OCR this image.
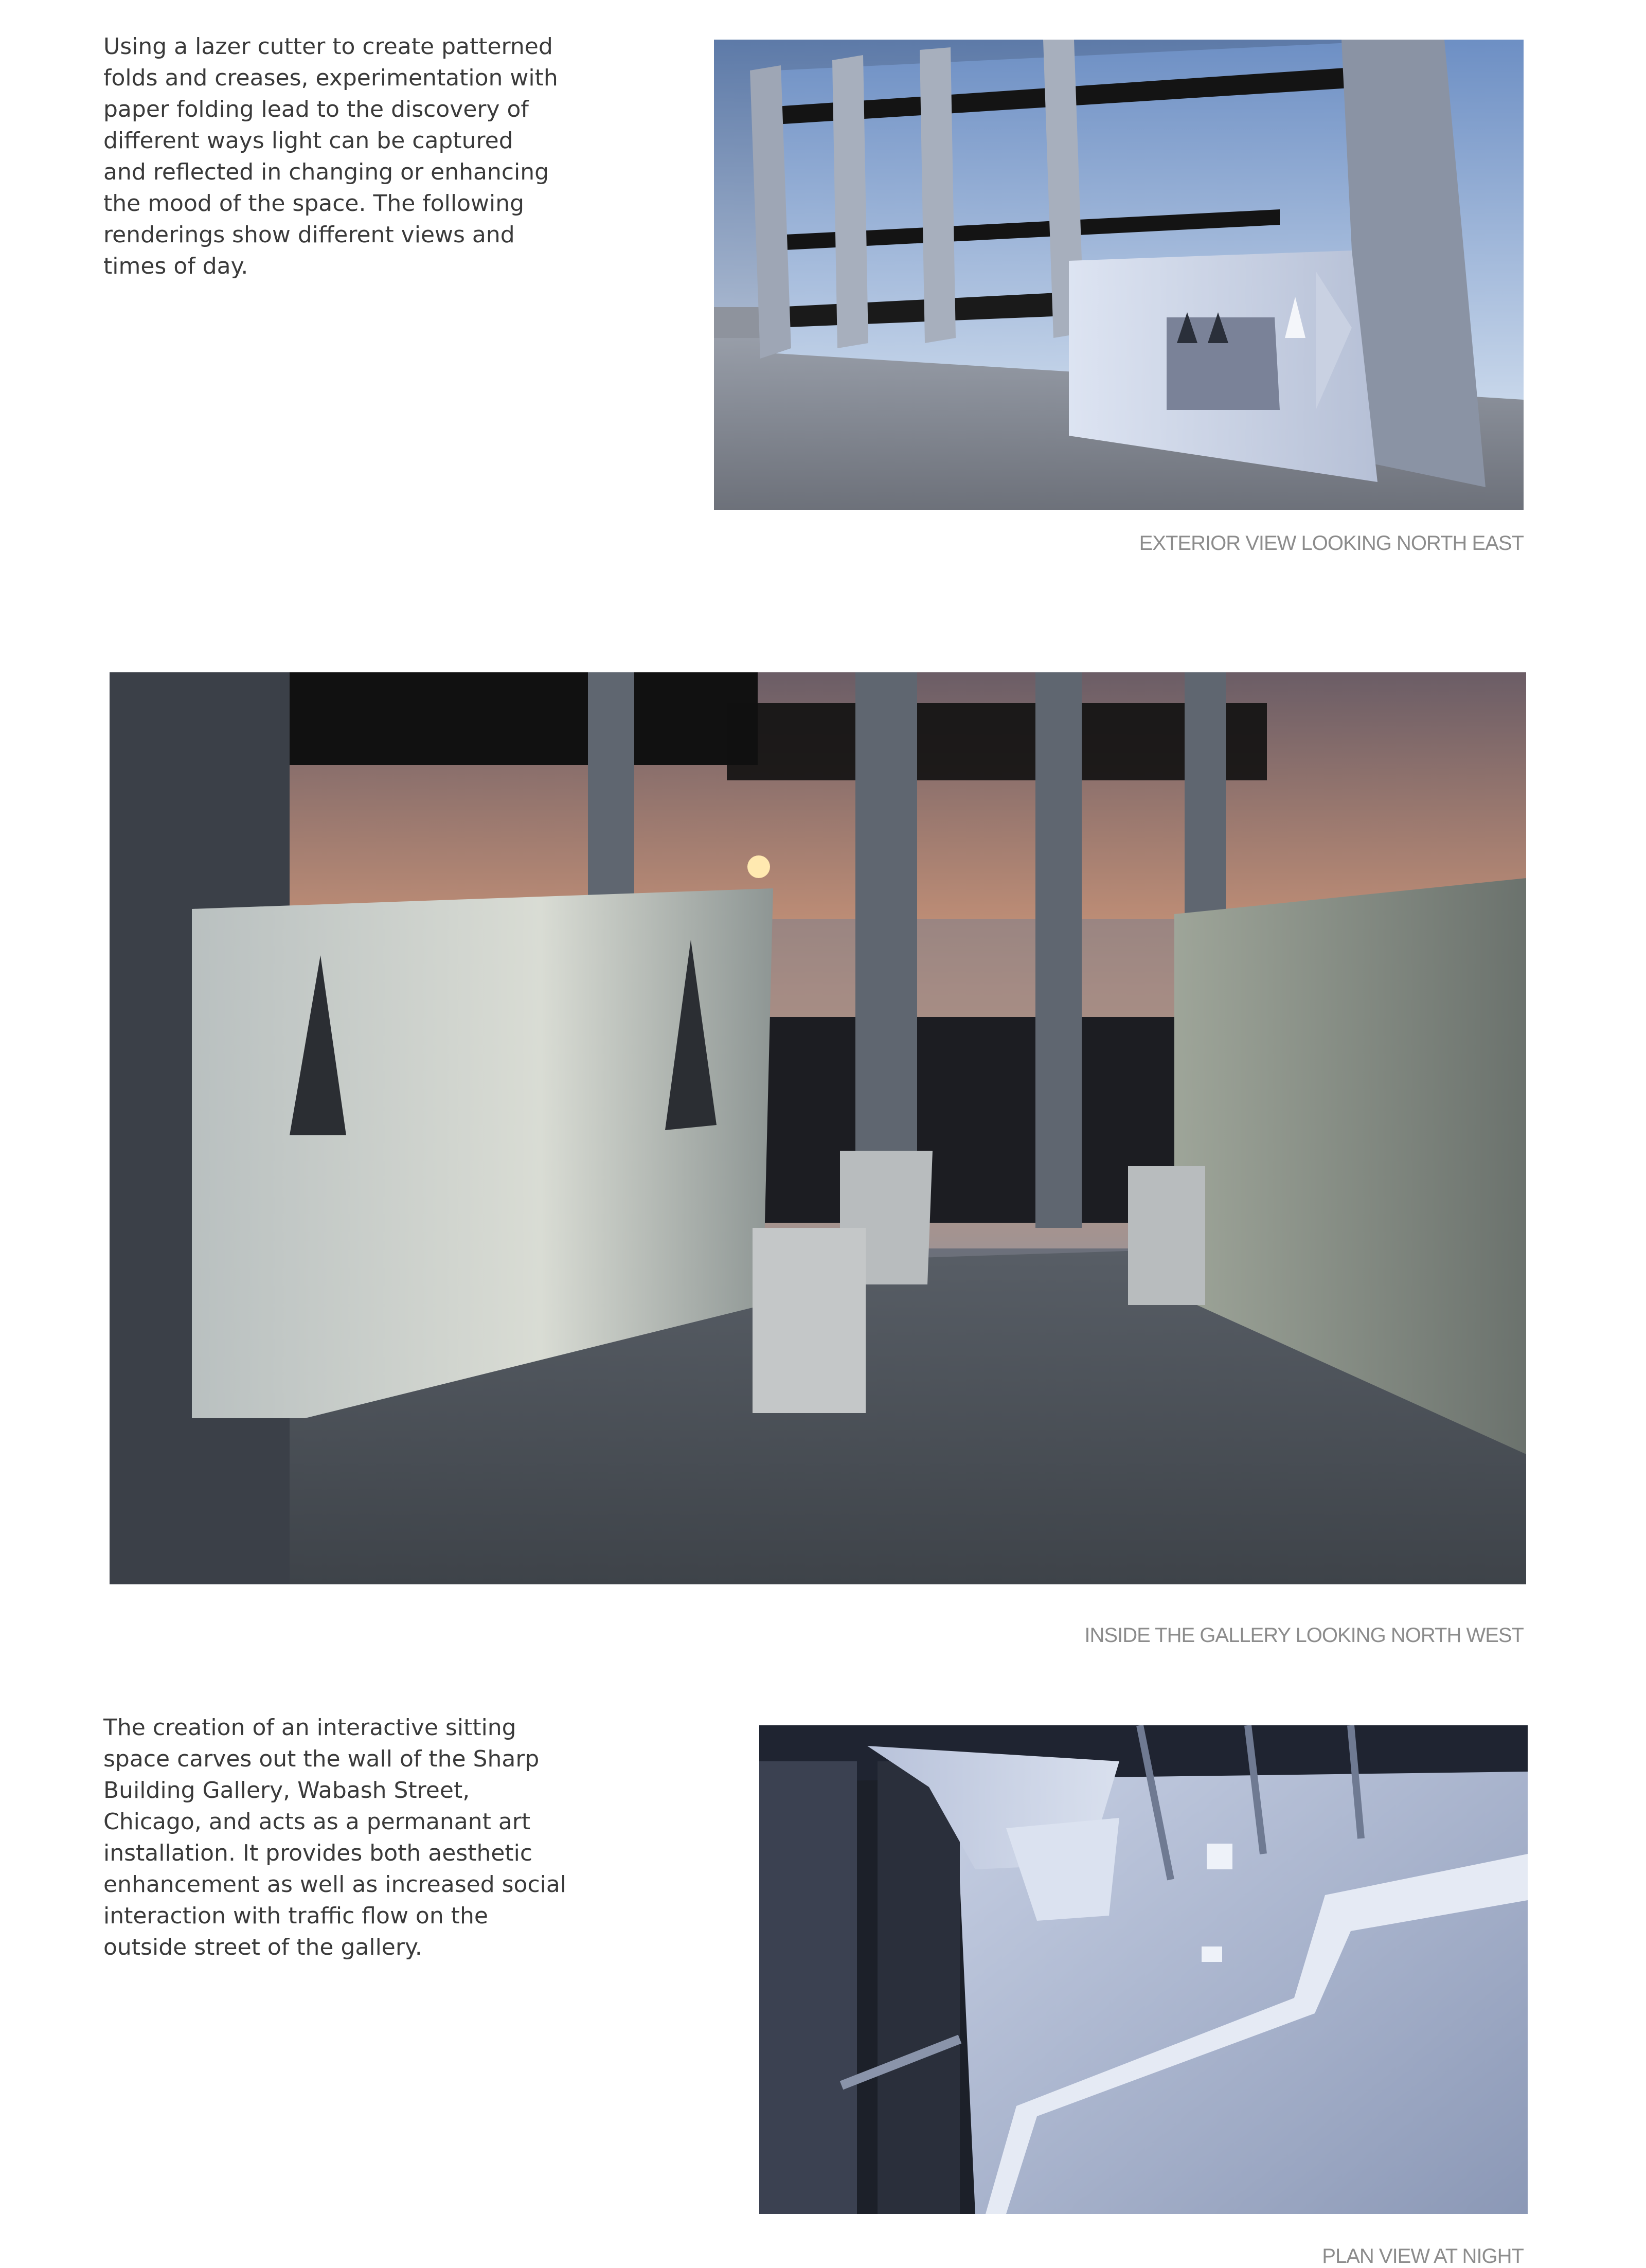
Using a lazer cutter to create patterned
folds and creases, experimentation with
paper folding lead to the discovery of
different ways light can be captured
and reflected in changing or enhancing
the mood of the space. The following
renderings show different views and
times of day.
EXTERIOR VIEW LOOKING NORTH EAST
INSIDE THE GALLERY LOOKING NORTH WEST
The creation of an interactive sitting
space carves out the wall of the Sharp
Building Gallery, Wabash Street,
Chicago, and acts as a permanant art
installation. It provides both aesthetic
enhancement as well as increased social
interaction with traffic flow on the
outside street of the gallery.
PLAN VIEW AT NIGHT
